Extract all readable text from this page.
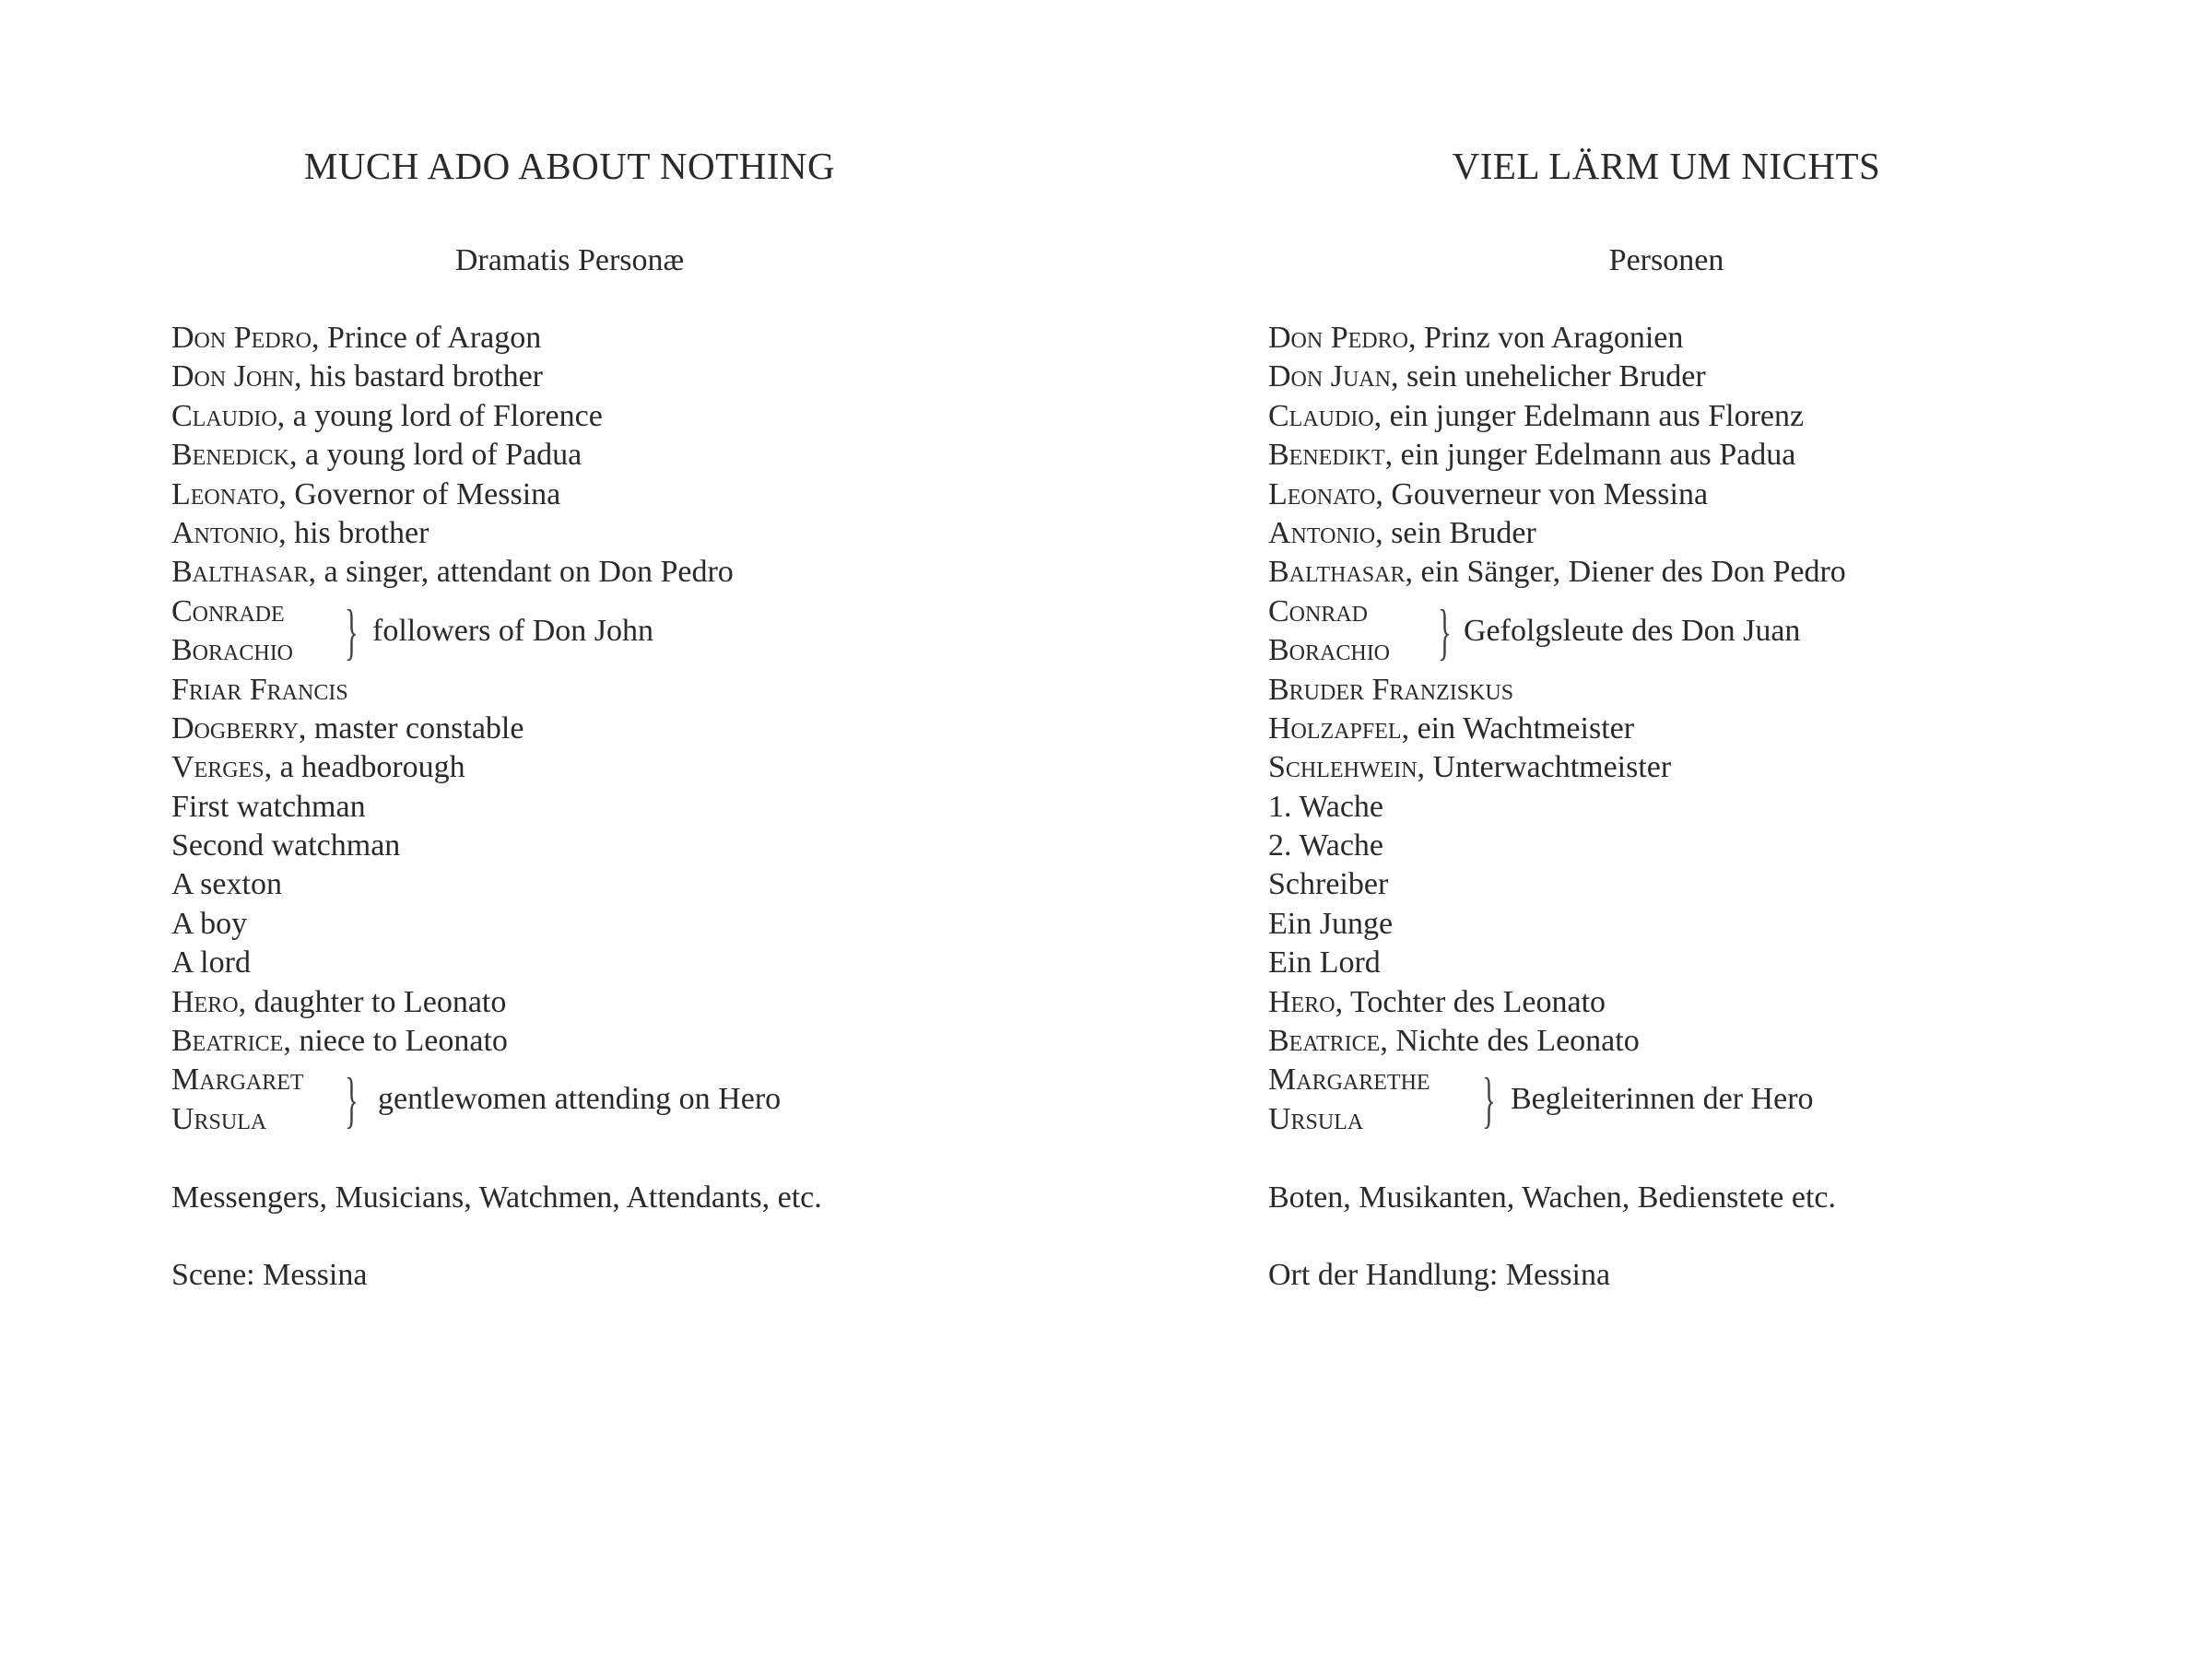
MUCH ADO ABOUT NOTHING
Dramatis Personæ
Don Pedro, Prince of Aragon
Don John, his bastard brother
Claudio, a young lord of Florence
Benedick, a young lord of Padua
Leonato, Governor of Messina
Antonio, his brother
Balthasar, a singer, attendant on Don Pedro
Conrade
Borachio } followers of Don John
Friar Francis
Dogberry, master constable
Verges, a headborough
First watchman
Second watchman
A sexton
A boy
A lord
Hero, daughter to Leonato
Beatrice, niece to Leonato
Margaret
Ursula	} gentlewomen attending on Hero
Messengers, Musicians, Watchmen, Attendants, etc.
Scene: Messina
VIEL LÄRM UM NICHTS
Personen
Don Pedro, Prinz von Aragonien
Don Juan, sein unehelicher Bruder
Claudio, ein junger Edelmann aus Florenz
Benedikt, ein junger Edelmann aus Padua
Leonato, Gouverneur von Messina
Antonio, sein Bruder
Balthasar, ein Sänger, Diener des Don Pedro
Conrad
Borachio } Gefolgsleute des Don Juan
Bruder Franziskus
Holzapfel, ein Wachtmeister
Schlehwein, Unterwachtmeister
1. Wache
2. Wache
Schreiber
Ein Junge
Ein Lord
Hero, Tochter des Leonato
Beatrice, Nichte des Leonato
Margarethe
Ursula	} Begleiterinnen der Hero
Boten, Musikanten, Wachen, Bedienstete etc.
Ort der Handlung: Messina
